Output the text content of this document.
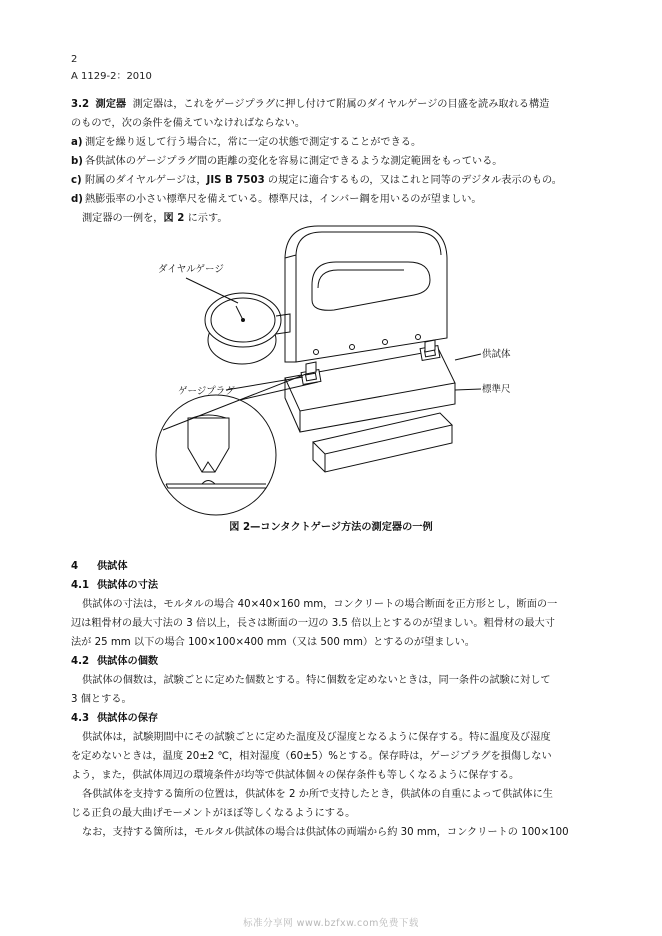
2
A 1129-2：2010

3.2 測定器 測定器は，これをゲージプラグに押し付けて附属のダイヤルゲージの目盛を読み取れる構造

のもので，次の条件を備えていなければならない。

a) 測定を繰り返して行う場合に，常に一定の状態で測定することができる。

b) 各供試体のゲージプラグ間の距離の変化を容易に測定できるような測定範囲をもっている。

c) 附属のダイヤルゲージは，JIS B 7503 の規定に適合するもの，又はこれと同等のデジタル表示のもの。

d) 熱膨張率の小さい標準尺を備えている。標準尺は，インバー鋼を用いるのが望ましい。

測定器の一例を，図 2 に示す。

ダイヤルゲージ
ゲージプラグ
供試体
標準尺
図 2—コンタクトゲージ方法の測定器の一例

4 供試体

4.1 供試体の寸法

供試体の寸法は，モルタルの場合 40×40×160 mm，コンクリートの場合断面を正方形とし，断面の一

辺は粗骨材の最大寸法の 3 倍以上，長さは断面の一辺の 3.5 倍以上とするのが望ましい。粗骨材の最大寸

法が 25 mm 以下の場合 100×100×400 mm（又は 500 mm）とするのが望ましい。

4.2 供試体の個数

供試体の個数は，試験ごとに定めた個数とする。特に個数を定めないときは，同一条件の試験に対して

3 個とする。

4.3 供試体の保存

供試体は，試験期間中にその試験ごとに定めた温度及び湿度となるように保存する。特に温度及び湿度

を定めないときは，温度 20±2 ℃，相対湿度（60±5）%とする。保存時は，ゲージプラグを損傷しない

よう，また，供試体周辺の環境条件が均等で供試体個々の保存条件も等しくなるように保存する。

各供試体を支持する箇所の位置は，供試体を 2 か所で支持したとき，供試体の自重によって供試体に生

じる正負の最大曲げモーメントがほぼ等しくなるようにする。

なお，支持する箇所は，モルタル供試体の場合は供試体の両端から約 30 mm，コンクリートの 100×100

标准分享网 www.bzfxw.com免费下载
